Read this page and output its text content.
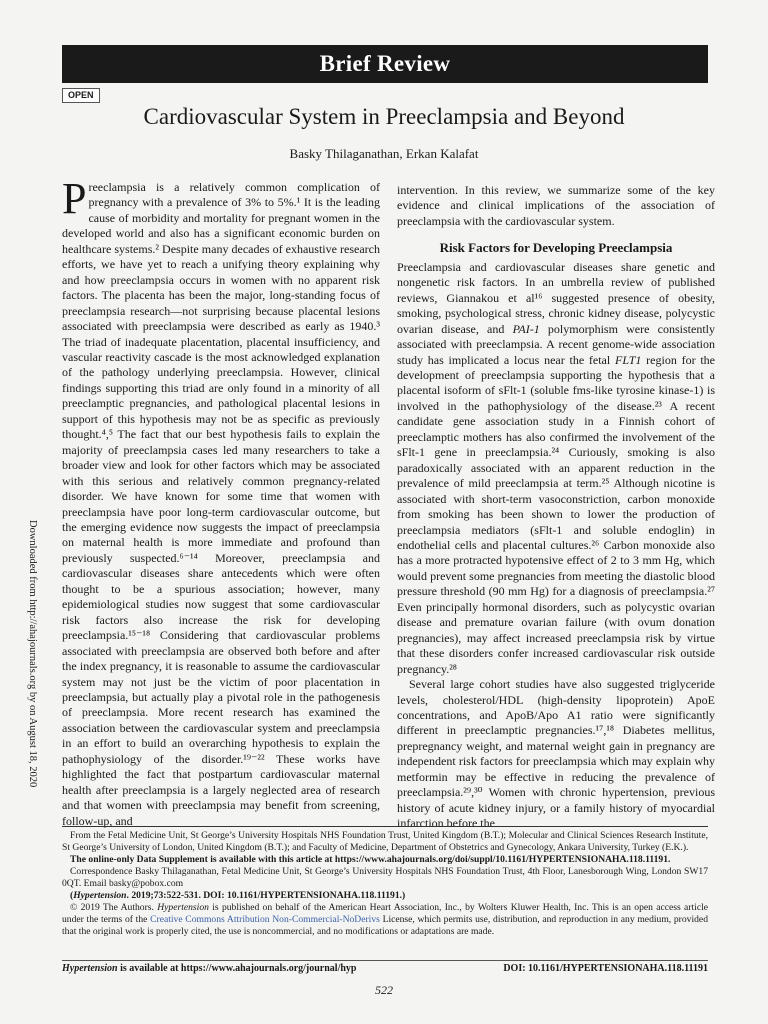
Brief Review
OPEN
Cardiovascular System in Preeclampsia and Beyond
Basky Thilaganathan, Erkan Kalafat
Downloaded from http://ahajournals.org by on August 18, 2020

Preeclampsia is a relatively common complication of pregnancy with a prevalence of 3% to 5%.¹ It is the leading cause of morbidity and mortality for pregnant women in the developed world and also has a significant economic burden on healthcare systems.² Despite many decades of exhaustive research efforts, we have yet to reach a unifying theory explaining why and how preeclampsia occurs in women with no apparent risk factors. The placenta has been the major, long-standing focus of preeclampsia research—not surprising because placental lesions associated with preeclampsia were described as early as 1940.³ The triad of inadequate placentation, placental insufficiency, and vascular reactivity cascade is the most acknowledged explanation of the pathology underlying preeclampsia. However, clinical findings supporting this triad are only found in a minority of all preeclamptic pregnancies, and pathological placental lesions in support of this hypothesis may not be as specific as previously thought.⁴,⁵ The fact that our best hypothesis fails to explain the majority of preeclampsia cases led many researchers to take a broader view and look for other factors which may be associated with this serious and relatively common pregnancy-related disorder. We have known for some time that women with preeclampsia have poor long-term cardiovascular outcome, but the emerging evidence now suggests the impact of preeclampsia on maternal health is more immediate and profound than previously suspected.⁶⁻¹⁴ Moreover, preeclampsia and cardiovascular diseases share antecedents which were often thought to be a spurious association; however, many epidemiological studies now suggest that some cardiovascular risk factors also increase the risk for developing preeclampsia.¹⁵⁻¹⁸ Considering that cardiovascular problems associated with preeclampsia are observed both before and after the index pregnancy, it is reasonable to assume the cardiovascular system may not just be the victim of poor placentation in preeclampsia, but actually play a pivotal role in the pathogenesis of preeclampsia. More recent research has examined the association between the cardiovascular system and preeclampsia in an effort to build an overarching hypothesis to explain the pathophysiology of the disorder.¹⁹⁻²² These works have highlighted the fact that postpartum cardiovascular maternal health after preeclampsia is a largely neglected area of research and that women with preeclampsia may benefit from screening, follow-up, and

intervention. In this review, we summarize some of the key evidence and clinical implications of the association of preeclampsia with the cardiovascular system.

Risk Factors for Developing Preeclampsia

Preeclampsia and cardiovascular diseases share genetic and nongenetic risk factors. In an umbrella review of published reviews, Giannakou et al¹⁶ suggested presence of obesity, smoking, psychological stress, chronic kidney disease, polycystic ovarian disease, and PAI-1 polymorphism were consistently associated with preeclampsia. A recent genome-wide association study has implicated a locus near the fetal FLT1 region for the development of preeclampsia supporting the hypothesis that a placental isoform of sFlt-1 (soluble fms-like tyrosine kinase-1) is involved in the pathophysiology of the disease.²³ A recent candidate gene association study in a Finnish cohort of preeclamptic mothers has also confirmed the involvement of the sFlt-1 gene in preeclampsia.²⁴ Curiously, smoking is also paradoxically associated with an apparent reduction in the prevalence of mild preeclampsia at term.²⁵ Although nicotine is associated with short-term vasoconstriction, carbon monoxide from smoking has been shown to lower the production of preeclampsia mediators (sFlt-1 and soluble endoglin) in endothelial cells and placental cultures.²⁶ Carbon monoxide also has a more protracted hypotensive effect of 2 to 3 mm Hg, which would prevent some pregnancies from meeting the diastolic blood pressure threshold (90 mm Hg) for a diagnosis of preeclampsia.²⁷ Even principally hormonal disorders, such as polycystic ovarian disease and premature ovarian failure (with ovum donation pregnancies), may affect increased preeclampsia risk by virtue that these disorders confer increased cardiovascular risk outside pregnancy.²⁸

Several large cohort studies have also suggested triglyceride levels, cholesterol/HDL (high-density lipoprotein) ApoE concentrations, and ApoB/Apo A1 ratio were significantly different in preeclamptic pregnancies.¹⁷,¹⁸ Diabetes mellitus, prepregnancy weight, and maternal weight gain in pregnancy are independent risk factors for preeclampsia which may explain why metformin may be effective in reducing the prevalence of preeclampsia.²⁹,³⁰ Women with chronic hypertension, previous history of acute kidney injury, or a family history of myocardial infarction before the

From the Fetal Medicine Unit, St George’s University Hospitals NHS Foundation Trust, United Kingdom (B.T.); Molecular and Clinical Sciences Research Institute, St George’s University of London, United Kingdom (B.T.); and Faculty of Medicine, Department of Obstetrics and Gynecology, Ankara University, Turkey (E.K.).

The online-only Data Supplement is available with this article at https://www.ahajournals.org/doi/suppl/10.1161/HYPERTENSIONAHA.118.11191.

Correspondence Basky Thilaganathan, Fetal Medicine Unit, St George’s University Hospitals NHS Foundation Trust, 4th Floor, Lanesborough Wing, London SW17 0QT. Email basky@pobox.com

(Hypertension. 2019;73:522-531. DOI: 10.1161/HYPERTENSIONAHA.118.11191.)

© 2019 The Authors. Hypertension is published on behalf of the American Heart Association, Inc., by Wolters Kluwer Health, Inc. This is an open access article under the terms of the Creative Commons Attribution Non-Commercial-NoDerivs License, which permits use, distribution, and reproduction in any medium, provided that the original work is properly cited, the use is noncommercial, and no modifications or adaptations are made.

Hypertension is available at https://www.ahajournals.org/journal/hyp	DOI: 10.1161/HYPERTENSIONAHA.118.11191
522
